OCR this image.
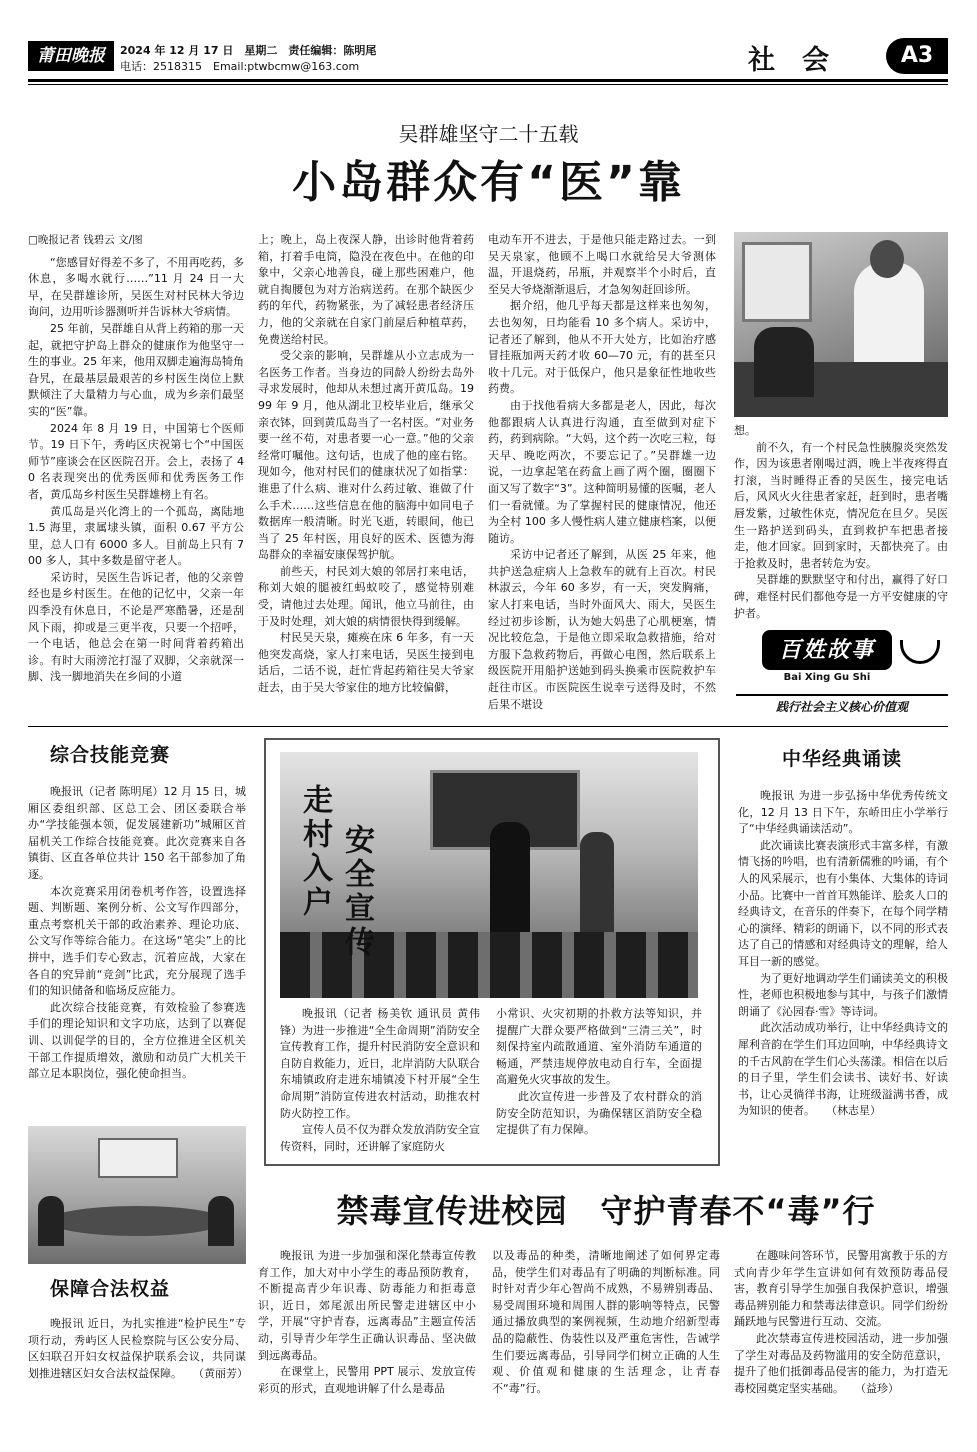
莆田晚报	2024 年 12 月 17 日　星期二　责任编辑：陈明尾
电话：2518315　Email:ptwbcmw@163.com	社　会	A3
吴群雄坚守二十五载
小岛群众有“医”靠

□晚报记者 钱碧云 文/图

“您感冒好得差不多了，不用再吃药，多休息，多喝水就行……”11 月 24 日一大早，在吴群雄诊所，吴医生对村民林大爷边询问，边用听诊器测听并告诉林大爷病情。

25 年前，吴群雄自从背上药箱的那一天起，就把守护岛上群众的健康作为他坚守一生的事业。25 年来，他用双脚走遍海岛犄角旮旯，在最基层最艰苦的乡村医生岗位上默默倾注了大量精力与心血，成为乡亲们最坚实的“医”靠。

2024 年 8 月 19 日，中国第七个医师节。19 日下午，秀屿区庆祝第七个“中国医师节”座谈会在区医院召开。会上，表扬了 40 名表现突出的优秀医师和优秀医务工作者，黄瓜岛乡村医生吴群雄榜上有名。

黄瓜岛是兴化湾上的一个孤岛，离陆地 1.5 海里，隶属埭头镇，面积 0.67 平方公里，总人口有 6000 多人。目前岛上只有 700 多人，其中多数是留守老人。

采访时，吴医生告诉记者，他的父亲曾经也是乡村医生。在他的记忆中，父亲一年四季没有休息日，不论是严寒酷暑，还是刮风下雨，抑或是三更半夜，只要一个招呼，一个电话，他总会在第一时间背着药箱出诊。有时大雨滂沱打湿了双脚，父亲就深一脚、浅一脚地消失在乡间的小道

上；晚上，岛上夜深人静，出诊时他背着药箱，打着手电筒，隐没在夜色中。在他的印象中，父亲心地善良，碰上那些困难户，他就自掏腰包为对方治病送药。在那个缺医少药的年代，药物紧张，为了减轻患者经济压力，他的父亲就在自家门前屋后种植草药，免费送给村民。

受父亲的影响，吴群雄从小立志成为一名医务工作者。当身边的同龄人纷纷去岛外寻求发展时，他却从未想过离开黄瓜岛。1999 年 9 月，他从湖北卫校毕业后，继承父亲衣钵，回到黄瓜岛当了一名村医。“对业务要一丝不苟，对患者要一心一意。”他的父亲经常叮嘱他。这句话，也成了他的座右铭。现如今，他对村民们的健康状况了如指掌：谁患了什么病、谁对什么药过敏、谁做了什么手术……这些信息在他的脑海中如同电子数据库一般清晰。时光飞逝，转眼间，他已当了 25 年村医，用良好的医术、医德为海岛群众的幸福安康保驾护航。

前些天，村民刘大娘的邻居打来电话，称刘大娘的腿被红蚂蚁咬了，感觉特别难受，请他过去处理。闻讯，他立马前往，由于及时处理，刘大娘的病情很快得到缓解。

村民吴天泉，瘫痪在床 6 年多，有一天他突发高烧，家人打来电话，吴医生接到电话后，二话不说，赶忙背起药箱往吴大爷家赶去，由于吴大爷家住的地方比较偏僻，

电动车开不进去，于是他只能走路过去。一到吴天泉家，他顾不上喝口水就给吴大爷测体温，开退烧药，吊瓶，并观察半个小时后，直至吴大爷烧渐渐退后，才急匆匆赶回诊所。

据介绍，他几乎每天都是这样来也匆匆，去也匆匆，日均能看 10 多个病人。采访中，记者还了解到，他从不开大处方，比如治疗感冒挂瓶加两天药才收 60—70 元，有的甚至只收十几元。对于低保户，他只是象征性地收些药费。

由于找他看病大多都是老人，因此，每次他都跟病人认真进行沟通，直至做到对症下药，药到病除。“大妈，这个药一次吃三粒，每天早、晚吃两次，不要忘记了。”吴群雄一边说，一边拿起笔在药盒上画了两个圈，圈圈下面又写了数字“3”。这种简明易懂的医嘱，老人们一看就懂。为了掌握村民的健康情况，他还为全村 100 多人慢性病人建立健康档案，以便随访。

采访中记者还了解到，从医 25 年来，他共护送急症病人上急救车的就有上百次。村民林淑云，今年 60 多岁，有一天，突发胸痛，家人打来电话，当时外面风大、雨大，吴医生经过初步诊断，认为她大妈患了心肌梗塞，情况比较危急，于是他立即采取急救措施，给对方服下急救药物后，再做心电图，然后联系上级医院开用船护送她到码头换乘市医院救护车赶往市区。市医院医生说幸亏送得及时，不然后果不堪设

想。

前不久，有一个村民急性胰腺炎突然发作，因为该患者刚喝过酒，晚上半夜疼得直打滚，当时睡得正香的吴医生，接完电话后，风风火火往患者家赶，赶到时，患者嘴唇发紫，过敏性休克，情况危在旦夕。吴医生一路护送到码头，直到救护车把患者接走，他才回家。回到家时，天都快亮了。由于抢救及时，患者转危为安。

吴群雄的默默坚守和付出，赢得了好口碑，难怪村民们都他夸是一方平安健康的守护者。

百姓故事
Bai Xing Gu Shi
践行社会主义核心价值观
综合技能竞赛

晚报讯（记者 陈明尾）12 月 15 日，城厢区委组织部、区总工会、团区委联合举办“学技能强本领，促发展建新功”城厢区首届机关工作综合技能竞赛。此次竞赛来自各镇街、区直各单位共计 150 名干部参加了角逐。

本次竞赛采用闭卷机考作答，设置选择题、判断题、案例分析、公文写作四部分，重点考察机关干部的政治素养、理论功底、公文写作等综合能力。在这场“笔尖”上的比拼中，选手们专心致志，沉着应战，大家在各自的究异前“竞剑”比武，充分展现了选手们的知识储备和临场反应能力。

此次综合技能竞赛，有效检验了参赛选手们的理论知识和文字功底，达到了以赛促训、以训促学的目的，全方位推进全区机关干部工作提质增效，激励和动员广大机关干部立足本职岗位，强化使命担当。

保障合法权益

晚报讯 近日，为扎实推进“检护民生”专项行动，秀屿区人民检察院与区公安分局、区妇联召开妇女权益保护联系会议，共同谋划推进辖区妇女合法权益保障。　　（黄丽芳）

走村入户 安全宣传

晚报讯（记者 杨美钦 通讯员 黄伟锋）为进一步推进“全生命周期”消防安全宣传教育工作，提升村民消防安全意识和自防自救能力，近日，北岸消防大队联合东埔镇政府走进东埔镇凌下村开展“全生命周期”消防宣传进农村活动，助推农村防火防控工作。

宣传人员不仅为群众发放消防安全宣传资料，同时，还讲解了家庭防火

小常识、火灾初期的扑救方法等知识，并提醒广大群众要严格做到“三清三关”，时刻保持室内疏散通道、室外消防车通道的畅通，严禁违规停放电动自行车，全面提高避免火灾事故的发生。

此次宣传进一步普及了农村群众的消防安全防范知识，为确保辖区消防安全稳定提供了有力保障。

中华经典诵读

晚报讯 为进一步弘扬中华优秀传统文化，12 月 13 日下午，东峤田庄小学举行了“中华经典诵读活动”。

此次诵读比赛表演形式丰富多样，有激情飞扬的吟唱，也有清新儒雅的吟诵，有个人的风采展示，也有小集体、大集体的诗词小品。比赛中一首首耳熟能详、脍炙人口的经典诗文，在音乐的伴奏下，在每个同学精心的演绎、精彩的朗诵下，以不同的形式表达了自己的情感和对经典诗文的理解，给人耳目一新的感觉。

为了更好地调动学生们诵读美文的积极性，老师也积极地参与其中，与孩子们激情朗诵了《沁园春·雪》等诗词。

此次活动成功举行，让中华经典诗文的犀利音韵在学生们耳边回响，中华经典诗文的千古风韵在学生们心头荡漾。相信在以后的日子里，学生们会读书、读好书、好读书，让心灵徜徉书海，让班级溢满书香，成为知识的使者。　　（林志星）

禁毒宣传进校园　守护青春不“毒”行

晚报讯 为进一步加强和深化禁毒宣传教育工作，加大对中小学生的毒品预防教育，不断提高青少年识毒、防毒能力和拒毒意识，近日，郊尾派出所民警走进辖区中小学，开展“守护青春，远离毒品”主题宣传活动，引导青少年学生正确认识毒品、坚决做到远离毒品。

在课堂上，民警用 PPT 展示、发放宣传彩页的形式，直观地讲解了什么是毒品

以及毒品的种类，清晰地阐述了如何界定毒品，使学生们对毒品有了明确的判断标准。同时针对青少年心智尚不成熟，不易辨别毒品、易受周围环境和周围人群的影响等特点，民警通过播放典型的案例视频，生动地介绍新型毒品的隐蔽性、伪装性以及严重危害性，告诫学生们要远离毒品，引导同学们树立正确的人生观、价值观和健康的生活理念，让青春不“毒”行。

在趣味问答环节，民警用寓教于乐的方式向青少年学生宣讲如何有效预防毒品侵害，教育引导学生加强自我保护意识，增强毒品辨别能力和禁毒法律意识。同学们纷纷踊跃地与民警进行互动、交流。

此次禁毒宣传进校园活动，进一步加强了学生对毒品及药物滥用的安全防范意识，提升了他们抵御毒品侵害的能力，为打造无毒校园奠定坚实基础。　　（益珍）
